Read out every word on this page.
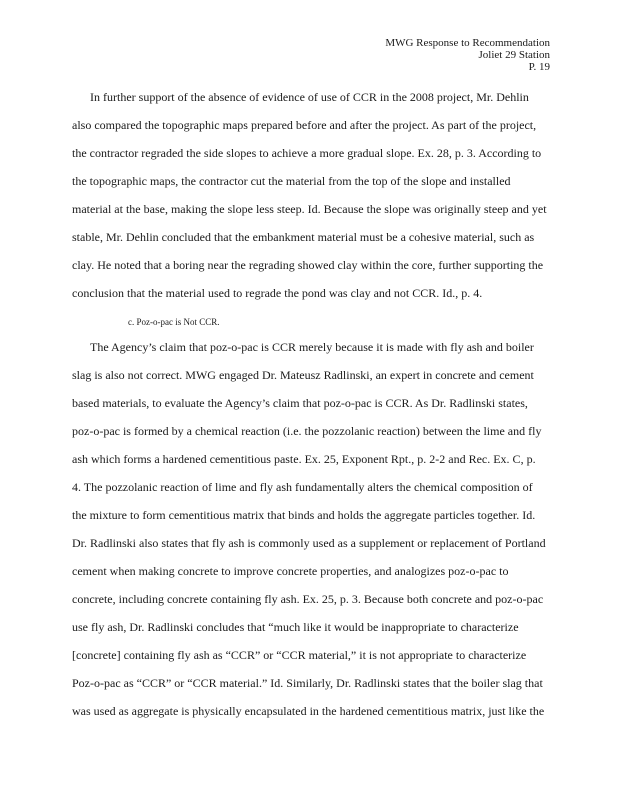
MWG Response to Recommendation
Joliet 29 Station
P. 19
In further support of the absence of evidence of use of CCR in the 2008 project, Mr. Dehlin
also compared the topographic maps prepared before and after the project. As part of the project,
the contractor regraded the side slopes to achieve a more gradual slope. Ex. 28, p. 3. According to
the topographic maps, the contractor cut the material from the top of the slope and installed
material at the base, making the slope less steep. Id. Because the slope was originally steep and yet
stable, Mr. Dehlin concluded that the embankment material must be a cohesive material, such as
clay. He noted that a boring near the regrading showed clay within the core, further supporting the
conclusion that the material used to regrade the pond was clay and not CCR. Id., p. 4.
c. Poz-o-pac is Not CCR.
The Agency’s claim that poz-o-pac is CCR merely because it is made with fly ash and boiler
slag is also not correct. MWG engaged Dr. Mateusz Radlinski, an expert in concrete and cement
based materials, to evaluate the Agency’s claim that poz-o-pac is CCR. As Dr. Radlinski states,
poz-o-pac is formed by a chemical reaction (i.e. the pozzolanic reaction) between the lime and fly
ash which forms a hardened cementitious paste. Ex. 25, Exponent Rpt., p. 2-2 and Rec. Ex. C, p.
4. The pozzolanic reaction of lime and fly ash fundamentally alters the chemical composition of
the mixture to form cementitious matrix that binds and holds the aggregate particles together. Id.
Dr. Radlinski also states that fly ash is commonly used as a supplement or replacement of Portland
cement when making concrete to improve concrete properties, and analogizes poz-o-pac to
concrete, including concrete containing fly ash. Ex. 25, p. 3. Because both concrete and poz-o-pac
use fly ash, Dr. Radlinski concludes that “much like it would be inappropriate to characterize
[concrete] containing fly ash as “CCR” or “CCR material,” it is not appropriate to characterize
Poz-o-pac as “CCR” or “CCR material.” Id. Similarly, Dr. Radlinski states that the boiler slag that
was used as aggregate is physically encapsulated in the hardened cementitious matrix, just like the
